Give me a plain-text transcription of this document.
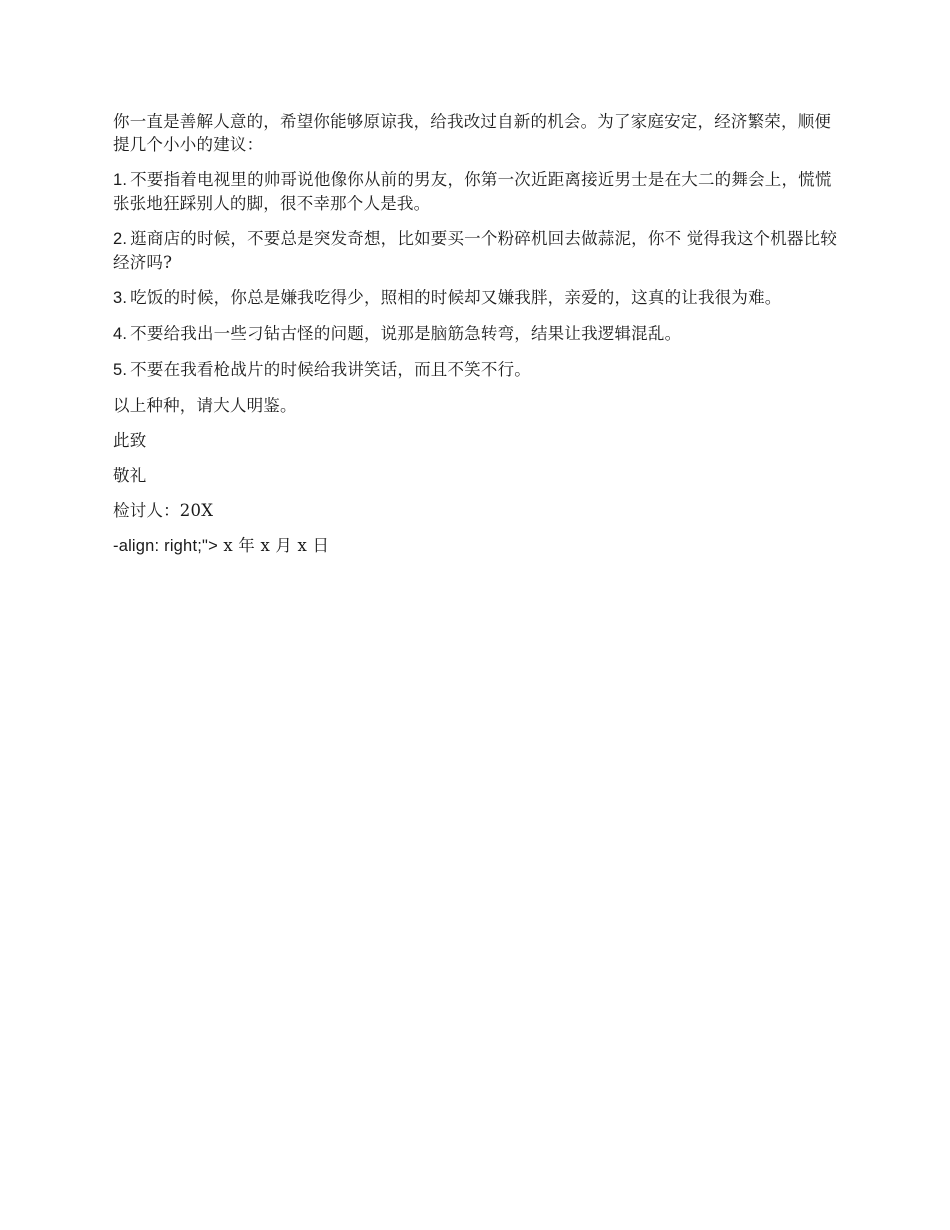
你一直是善解人意的，希望你能够原谅我，给我改过自新的机会。为了家庭安定，经济繁荣，顺便提几个小小的建议：

1. 不要指着电视里的帅哥说他像你从前的男友，你第一次近距离接近男士是在大二的舞会上，慌慌张张地狂踩别人的脚，很不幸那个人是我。

2. 逛商店的时候，不要总是突发奇想，比如要买一个粉碎机回去做蒜泥，你不 觉得我这个机器比较经济吗?

3. 吃饭的时候，你总是嫌我吃得少，照相的时候却又嫌我胖，亲爱的，这真的让我很为难。

4. 不要给我出一些刁钻古怪的问题，说那是脑筋急转弯，结果让我逻辑混乱。

5. 不要在我看枪战片的时候给我讲笑话，而且不笑不行。

以上种种，请大人明鉴。

此致

敬礼

检讨人：20X

-align: right;"> x 年 x 月 x 日
